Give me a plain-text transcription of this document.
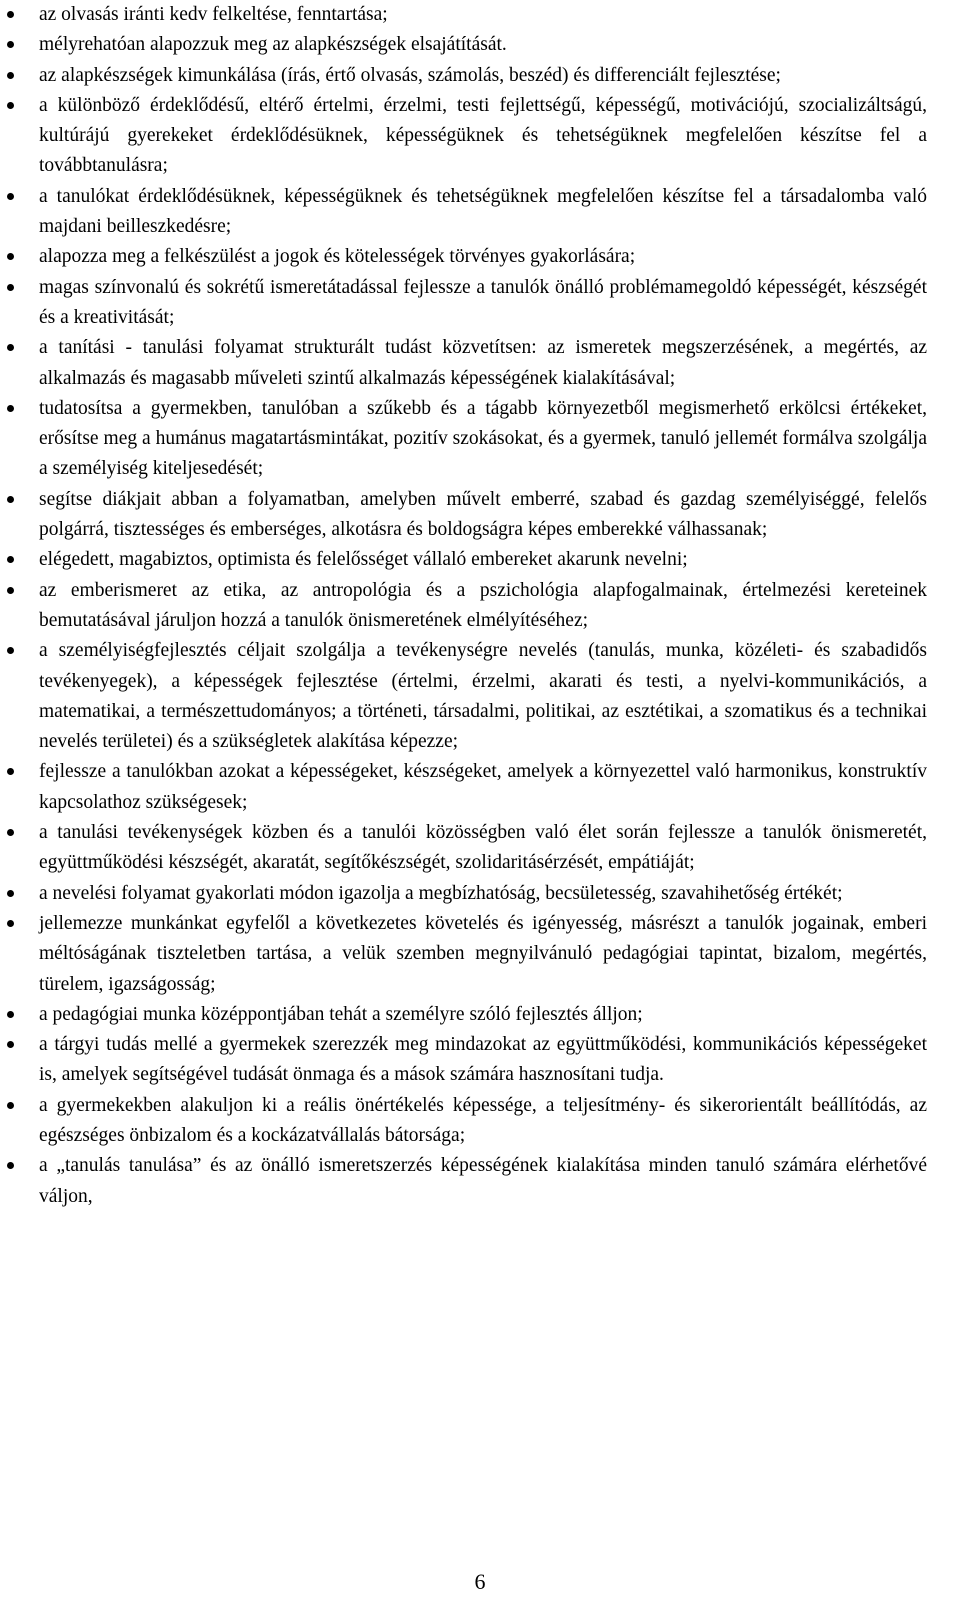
az olvasás iránti kedv felkeltése, fenntartása;
mélyrehatóan alapozzuk meg az alapkészségek elsajátítását.
az alapkészségek kimunkálása (írás, értő olvasás, számolás, beszéd) és differenciált fejlesztése;
a különböző érdeklődésű, eltérő értelmi, érzelmi, testi fejlettségű, képességű, motivációjú, szocializáltságú, kultúrájú gyerekeket érdeklődésüknek, képességüknek és tehetségüknek megfelelően készítse fel a továbbtanulásra;
a tanulókat érdeklődésüknek, képességüknek és tehetségüknek megfelelően készítse fel a társadalomba való majdani beilleszkedésre;
alapozza meg a felkészülést a jogok és kötelességek törvényes gyakorlására;
magas színvonalú és sokrétű ismeretátadással fejlessze a tanulók önálló problémamegoldó képességét, készségét és a kreativitását;
a tanítási - tanulási folyamat strukturált tudást közvetítsen: az ismeretek megszerzésének, a megértés, az alkalmazás és magasabb műveleti szintű alkalmazás képességének kialakításával;
tudatosítsa a gyermekben, tanulóban a szűkebb és a tágabb környezetből megismerhető erkölcsi értékeket, erősítse meg a humánus magatartásmintákat, pozitív szokásokat, és a gyermek, tanuló jellemét formálva szolgálja a személyiség kiteljesedését;
segítse diákjait abban a folyamatban, amelyben művelt emberré, szabad és gazdag személyiséggé, felelős polgárrá, tisztességes és emberséges, alkotásra és boldogságra képes emberekké válhassanak;
elégedett, magabiztos, optimista és felelősséget vállaló embereket akarunk nevelni;
az emberismeret az etika, az antropológia és a pszichológia alapfogalmainak, értelmezési kereteinek bemutatásával járuljon hozzá a tanulók önismeretének elmélyítéséhez;
a személyiségfejlesztés céljait szolgálja a tevékenységre nevelés (tanulás, munka, közéleti- és szabadidős tevékenyegek), a képességek fejlesztése (értelmi, érzelmi, akarati és testi, a nyelvi-kommunikációs, a matematikai, a természettudományos; a történeti, társadalmi, politikai, az esztétikai, a szomatikus és a technikai nevelés területei) és a szükségletek alakítása képezze;
fejlessze a tanulókban azokat a képességeket, készségeket, amelyek a környezettel való harmonikus, konstruktív kapcsolathoz szükségesek;
a tanulási tevékenységek közben és a tanulói közösségben való élet során fejlessze a tanulók önismeretét, együttműködési készségét, akaratát, segítőkészségét, szolidaritásérzését, empátiáját;
a nevelési folyamat gyakorlati módon igazolja a megbízhatóság, becsületesség, szavahihetőség értékét;
jellemezze munkánkat egyfelől a következetes követelés és igényesség, másrészt a tanulók jogainak, emberi méltóságának tiszteletben tartása, a velük szemben megnyilvánuló pedagógiai tapintat, bizalom, megértés, türelem, igazságosság;
a pedagógiai munka középpontjában tehát a személyre szóló fejlesztés álljon;
a tárgyi tudás mellé a gyermekek szerezzék meg mindazokat az együttműködési, kommunikációs képességeket is, amelyek segítségével tudását önmaga és a mások számára hasznosítani tudja.
a gyermekekben alakuljon ki a reális önértékelés képessége, a teljesítmény- és sikerorientált beállítódás, az egészséges önbizalom és a kockázatvállalás bátorsága;
a „tanulás tanulása” és az önálló ismeretszerzés képességének kialakítása minden tanuló számára elérhetővé váljon,
6
